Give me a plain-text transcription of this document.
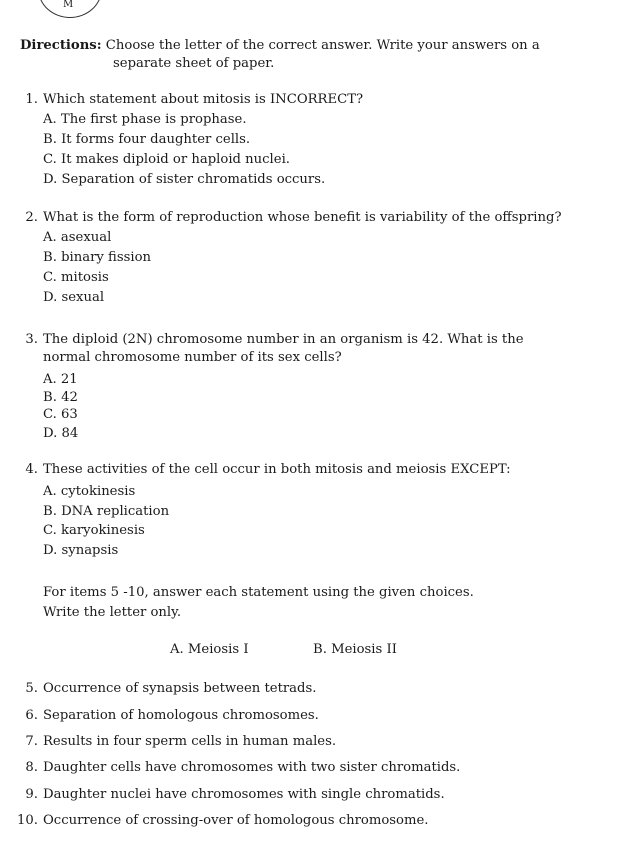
M
Directions: Choose the letter of the correct answer. Write your answers on a
separate sheet of paper.
1. Which statement about mitosis is INCORRECT?
A. The first phase is prophase.
B. It forms four daughter cells.
C. It makes diploid or haploid nuclei.
D. Separation of sister chromatids occurs.
2. What is the form of reproduction whose benefit is variability of the offspring?
A. asexual
B. binary fission
C. mitosis
D. sexual
3. The diploid (2N) chromosome number in an organism is 42. What is the
normal chromosome number of its sex cells?
A. 21
B. 42
C. 63
D. 84
4. These activities of the cell occur in both mitosis and meiosis EXCEPT:
A. cytokinesis
B. DNA replication
C. karyokinesis
D. synapsis
For items 5 -10, answer each statement using the given choices.
Write the letter only.
A. Meiosis I	B. Meiosis II
5. Occurrence of synapsis between tetrads.
6. Separation of homologous chromosomes.
7. Results in four sperm cells in human males.
8. Daughter cells have chromosomes with two sister chromatids.
9. Daughter nuclei have chromosomes with single chromatids.
10. Occurrence of crossing-over of homologous chromosome.
